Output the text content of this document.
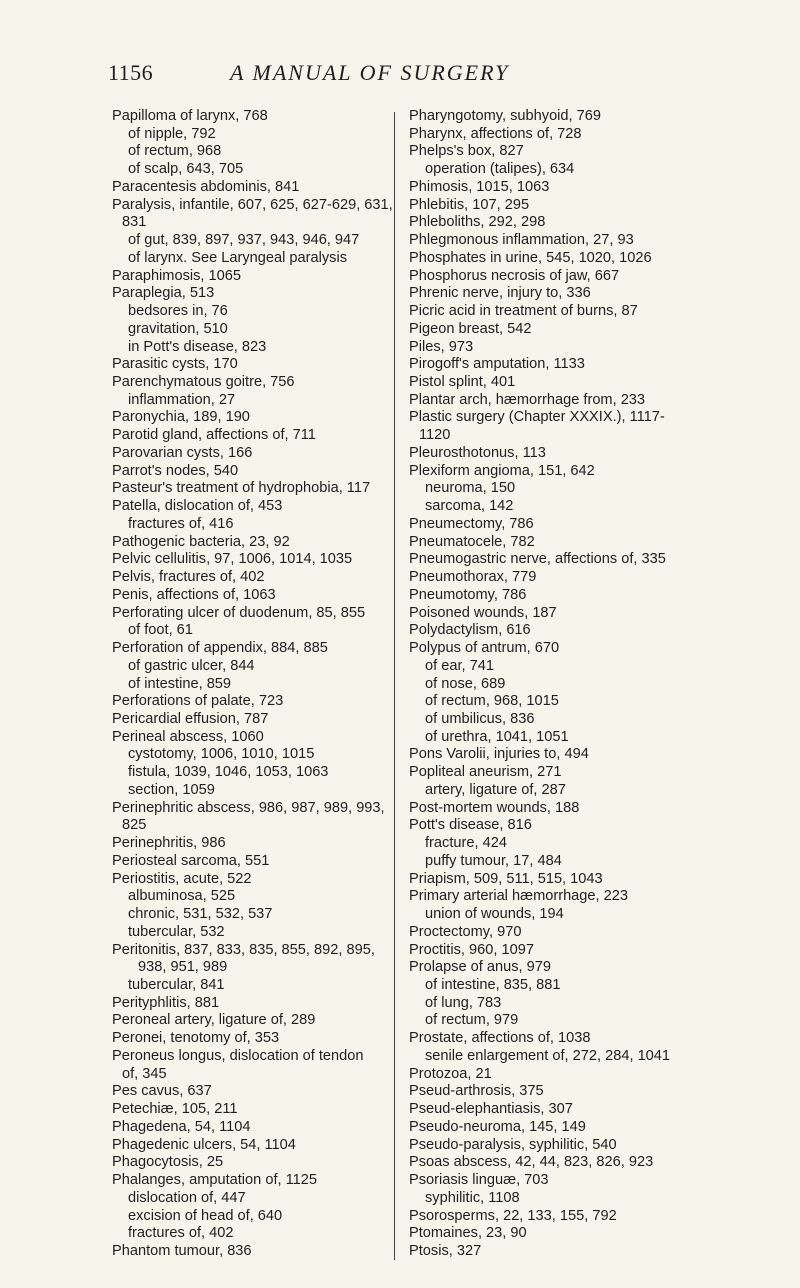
1156	A MANUAL OF SURGERY
Papilloma of larynx, 768
of nipple, 792
of rectum, 968
of scalp, 643, 705
Paracentesis abdominis, 841
Paralysis, infantile, 607, 625, 627-629, 631,
831
of gut, 839, 897, 937, 943, 946, 947
of larynx. See Laryngeal paralysis
Paraphimosis, 1065
Paraplegia, 513
bedsores in, 76
gravitation, 510
in Pott's disease, 823
Parasitic cysts, 170
Parenchymatous goitre, 756
inflammation, 27
Paronychia, 189, 190
Parotid gland, affections of, 711
Parovarian cysts, 166
Parrot's nodes, 540
Pasteur's treatment of hydrophobia, 117
Patella, dislocation of, 453
fractures of, 416
Pathogenic bacteria, 23, 92
Pelvic cellulitis, 97, 1006, 1014, 1035
Pelvis, fractures of, 402
Penis, affections of, 1063
Perforating ulcer of duodenum, 85, 855
of foot, 61
Perforation of appendix, 884, 885
of gastric ulcer, 844
of intestine, 859
Perforations of palate, 723
Pericardial effusion, 787
Perineal abscess, 1060
cystotomy, 1006, 1010, 1015
fistula, 1039, 1046, 1053, 1063
section, 1059
Perinephritic abscess, 986, 987, 989, 993,
825
Perinephritis, 986
Periosteal sarcoma, 551
Periostitis, acute, 522
albuminosa, 525
chronic, 531, 532, 537
tubercular, 532
Peritonitis, 837, 833, 835, 855, 892, 895,
938, 951, 989
tubercular, 841
Perityphlitis, 881
Peroneal artery, ligature of, 289
Peronei, tenotomy of, 353
Peroneus longus, dislocation of tendon
of, 345
Pes cavus, 637
Petechiæ, 105, 211
Phagedena, 54, 1104
Phagedenic ulcers, 54, 1104
Phagocytosis, 25
Phalanges, amputation of, 1125
dislocation of, 447
excision of head of, 640
fractures of, 402
Phantom tumour, 836
Pharyngotomy, subhyoid, 769
Pharynx, affections of, 728
Phelps's box, 827
operation (talipes), 634
Phimosis, 1015, 1063
Phlebitis, 107, 295
Phleboliths, 292, 298
Phlegmonous inflammation, 27, 93
Phosphates in urine, 545, 1020, 1026
Phosphorus necrosis of jaw, 667
Phrenic nerve, injury to, 336
Picric acid in treatment of burns, 87
Pigeon breast, 542
Piles, 973
Pirogoff's amputation, 1133
Pistol splint, 401
Plantar arch, hæmorrhage from, 233
Plastic surgery (Chapter XXXIX.), 1117-
1120
Pleurosthotonus, 113
Plexiform angioma, 151, 642
neuroma, 150
sarcoma, 142
Pneumectomy, 786
Pneumatocele, 782
Pneumogastric nerve, affections of, 335
Pneumothorax, 779
Pneumotomy, 786
Poisoned wounds, 187
Polydactylism, 616
Polypus of antrum, 670
of ear, 741
of nose, 689
of rectum, 968, 1015
of umbilicus, 836
of urethra, 1041, 1051
Pons Varolii, injuries to, 494
Popliteal aneurism, 271
artery, ligature of, 287
Post-mortem wounds, 188
Pott's disease, 816
fracture, 424
puffy tumour, 17, 484
Priapism, 509, 511, 515, 1043
Primary arterial hæmorrhage, 223
union of wounds, 194
Proctectomy, 970
Proctitis, 960, 1097
Prolapse of anus, 979
of intestine, 835, 881
of lung, 783
of rectum, 979
Prostate, affections of, 1038
senile enlargement of, 272, 284, 1041
Protozoa, 21
Pseud-arthrosis, 375
Pseud-elephantiasis, 307
Pseudo-neuroma, 145, 149
Pseudo-paralysis, syphilitic, 540
Psoas abscess, 42, 44, 823, 826, 923
Psoriasis linguæ, 703
syphilitic, 1108
Psorosperms, 22, 133, 155, 792
Ptomaines, 23, 90
Ptosis, 327
